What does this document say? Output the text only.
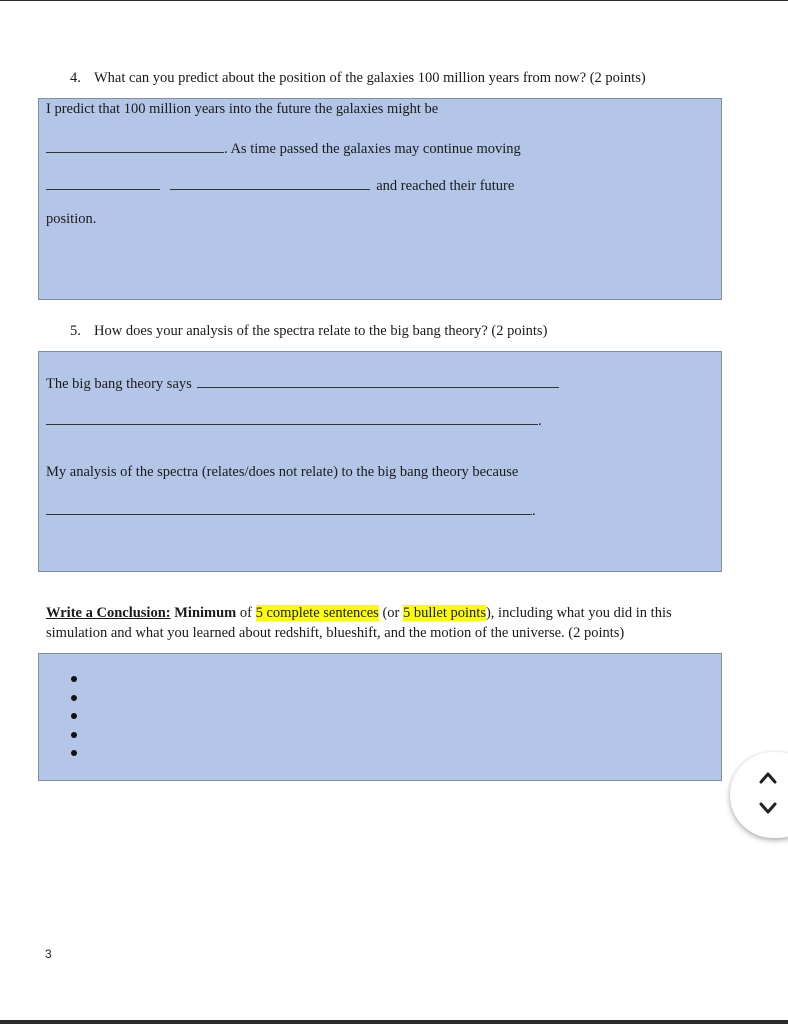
4. What can you predict about the position of the galaxies 100 million years from now? (2 points)
I predict that 100 million years into the future the galaxies might be
. As time passed the galaxies may continue moving
and reached their future
position.
5. How does your analysis of the spectra relate to the big bang theory? (2 points)
The big bang theory says
.
My analysis of the spectra (relates/does not relate) to the big bang theory because
.
Write a Conclusion: Minimum of 5 complete sentences (or 5 bullet points), including what you did in this simulation and what you learned about redshift, blueshift, and the motion of the universe. (2 points)
3
